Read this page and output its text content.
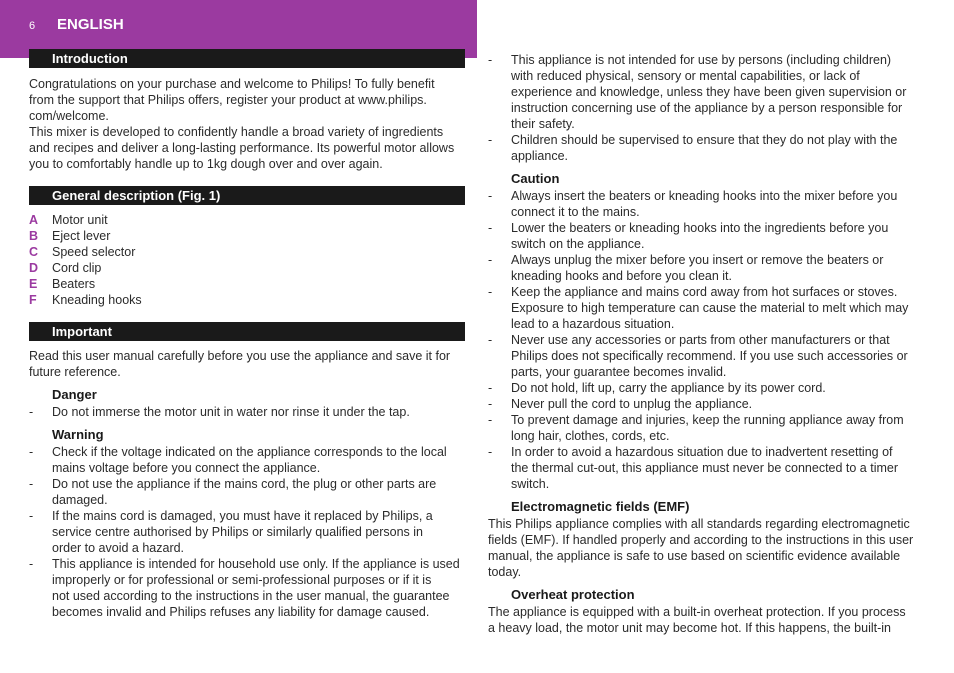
6 ENGLISH
Introduction
Congratulations on your purchase and welcome to Philips! To fully benefit
from the support that Philips offers, register your product at www.philips.
com/welcome.
This mixer is developed to confidently handle a broad variety of ingredients
and recipes and deliver a long-lasting performance. Its powerful motor allows
you to comfortably handle up to 1kg dough over and over again.
General description (Fig. 1)
A Motor unit
B Eject lever
C Speed selector
D Cord clip
E Beaters
F Kneading hooks
Important
Read this user manual carefully before you use the appliance and save it for
future reference.
Danger
-	Do not immerse the motor unit in water nor rinse it under the tap.
Warning
-	Check if the voltage indicated on the appliance corresponds to the local
mains voltage before you connect the appliance.
-	Do not use the appliance if the mains cord, the plug or other parts are
damaged.
-	If the mains cord is damaged, you must have it replaced by Philips, a
service centre authorised by Philips or similarly qualified persons in
order to avoid a hazard.
-	This appliance is intended for household use only. If the appliance is used
improperly or for professional or semi-professional purposes or if it is
not used according to the instructions in the user manual, the guarantee
becomes invalid and Philips refuses any liability for damage caused.
-	This appliance is not intended for use by persons (including children)
with reduced physical, sensory or mental capabilities, or lack of
experience and knowledge, unless they have been given supervision or
instruction concerning use of the appliance by a person responsible for
their safety.
-	Children should be supervised to ensure that they do not play with the
appliance.
Caution
-	Always insert the beaters or kneading hooks into the mixer before you
connect it to the mains.
-	Lower the beaters or kneading hooks into the ingredients before you
switch on the appliance.
-	Always unplug the mixer before you insert or remove the beaters or
kneading hooks and before you clean it.
-	Keep the appliance and mains cord away from hot surfaces or stoves.
Exposure to high temperature can cause the material to melt which may
lead to a hazardous situation.
-	Never use any accessories or parts from other manufacturers or that
Philips does not specifically recommend. If you use such accessories or
parts, your guarantee becomes invalid.
-	Do not hold, lift up, carry the appliance by its power cord.
-	Never pull the cord to unplug the appliance.
-	To prevent damage and injuries, keep the running appliance away from
long hair, clothes, cords, etc.
-	In order to avoid a hazardous situation due to inadvertent resetting of
the thermal cut-out, this appliance must never be connected to a timer
switch.
Electromagnetic fields (EMF)
This Philips appliance complies with all standards regarding electromagnetic
fields (EMF). If handled properly and according to the instructions in this user
manual, the appliance is safe to use based on scientific evidence available
today.
Overheat protection
The appliance is equipped with a built-in overheat protection. If you process
a heavy load, the motor unit may become hot. If this happens, the built-in
